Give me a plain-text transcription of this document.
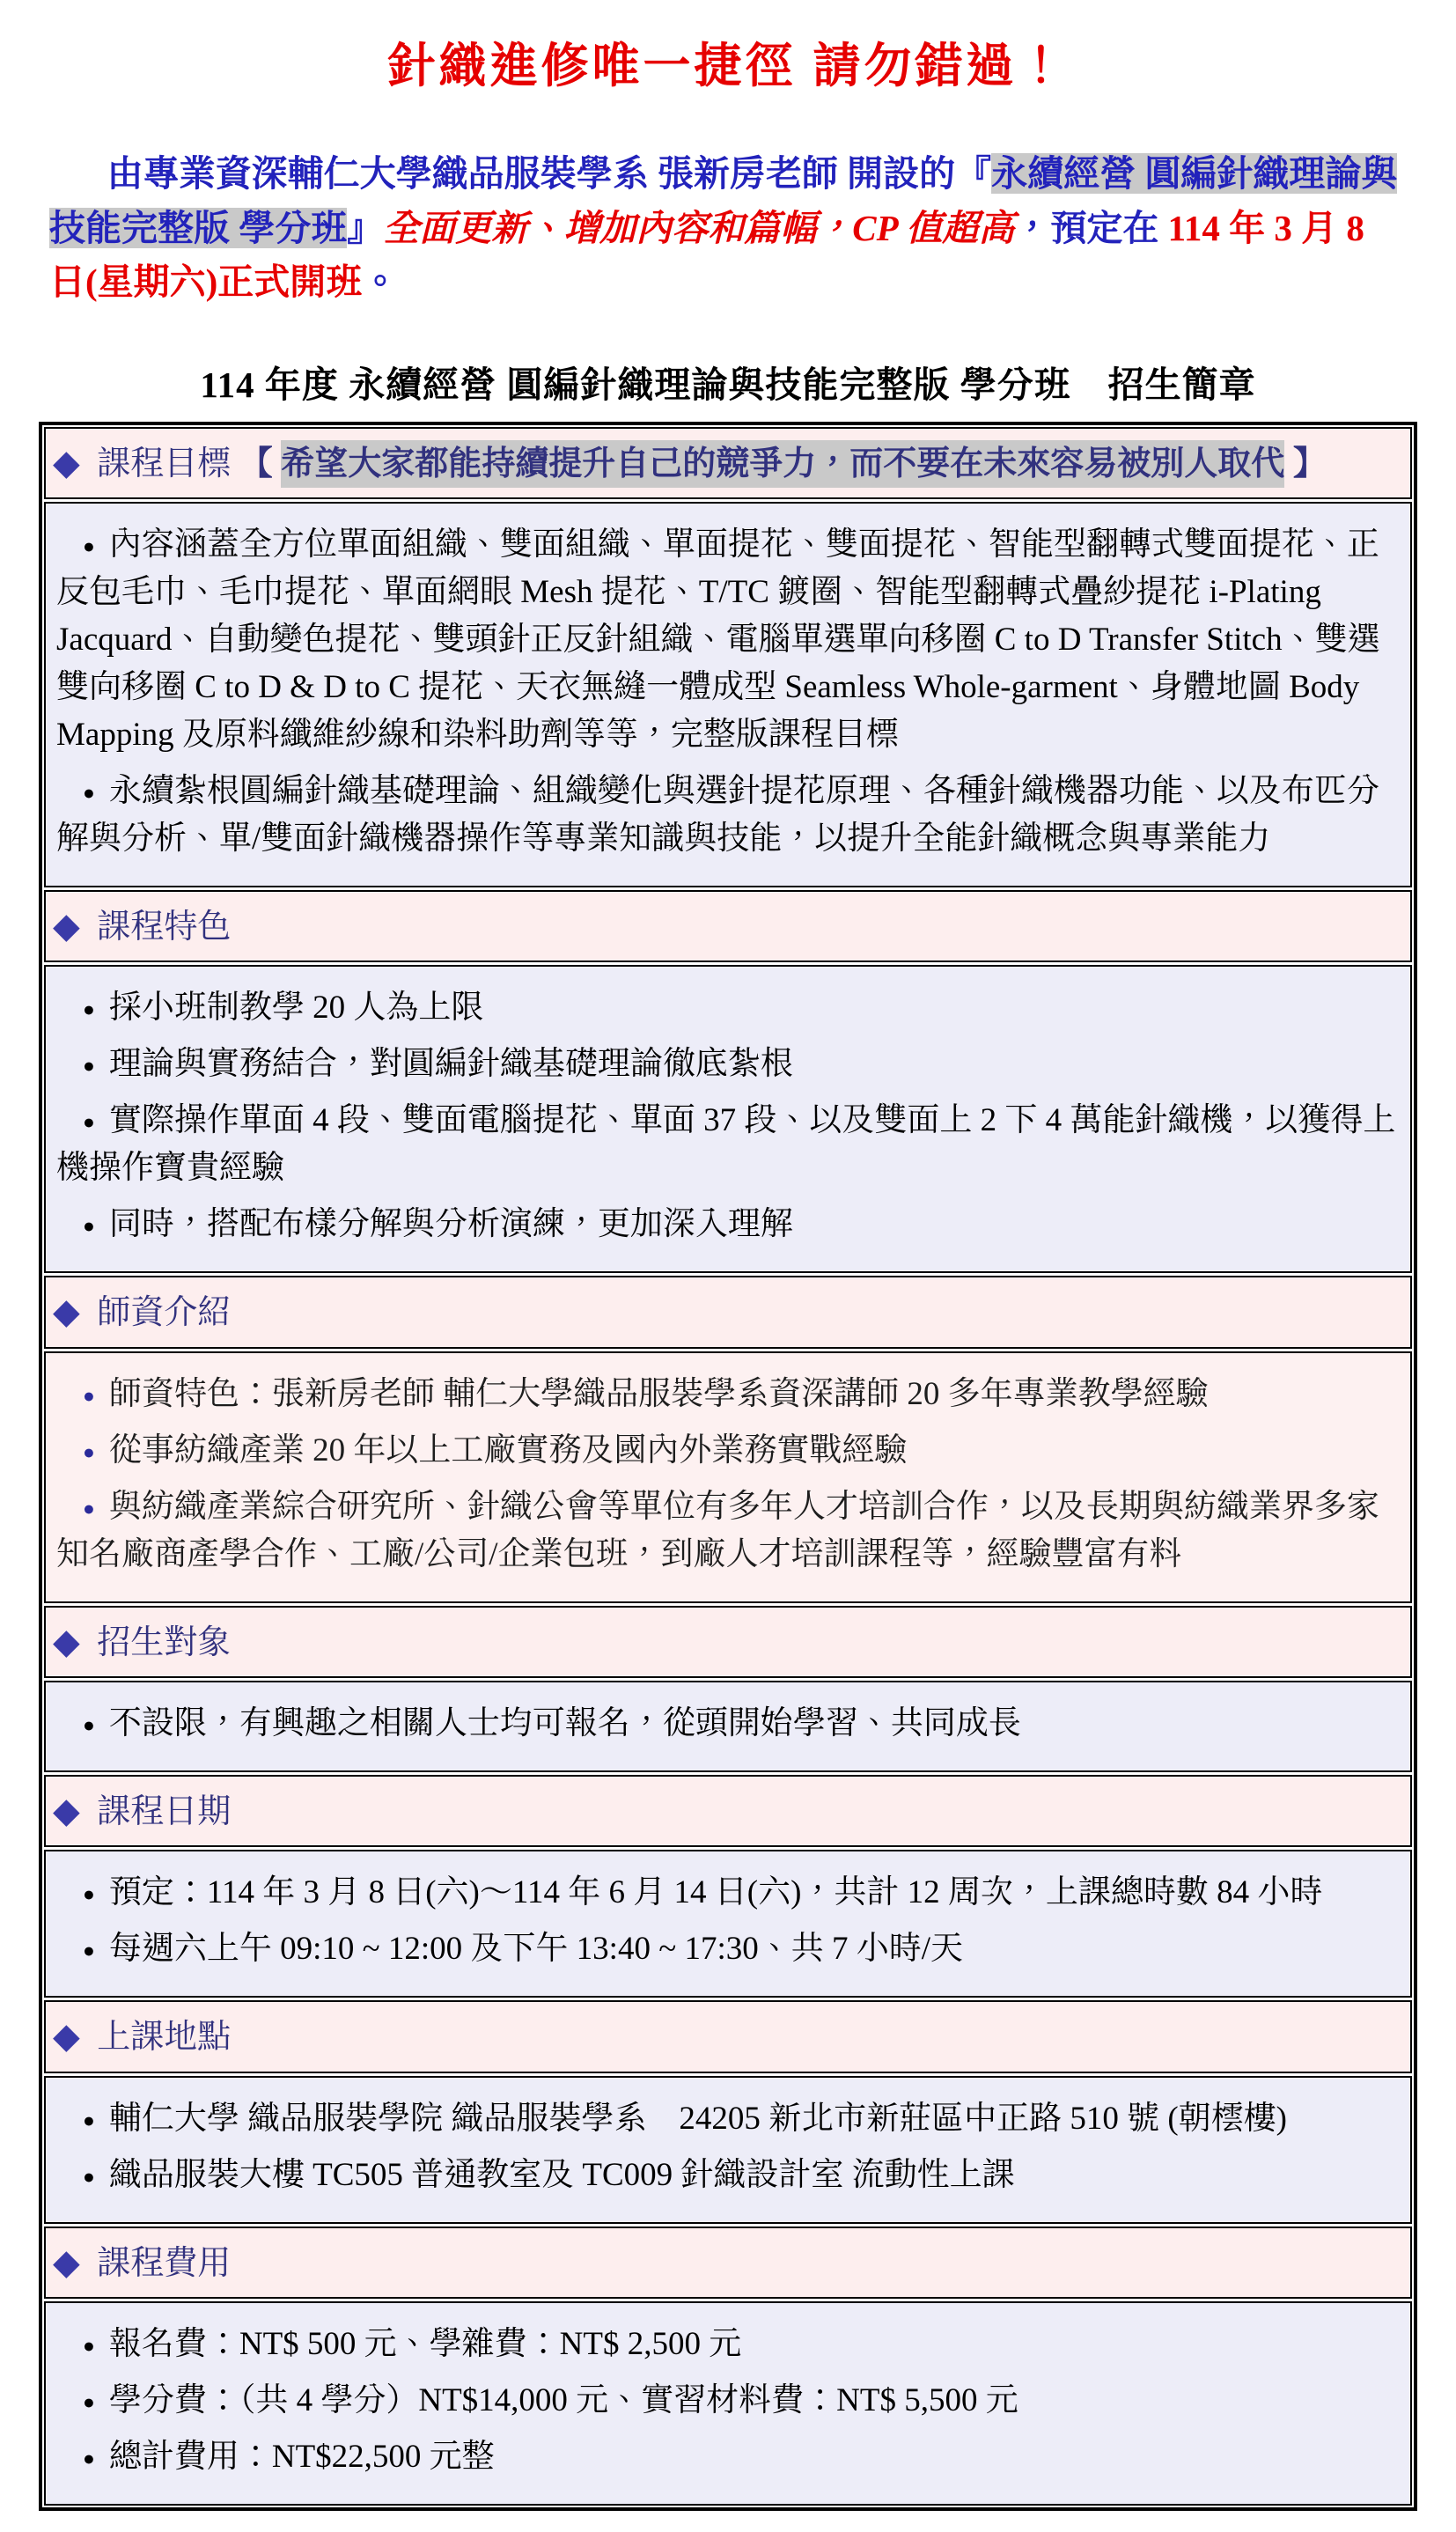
針織進修唯一捷徑 請勿錯過！

由專業資深輔仁大學織品服裝學系 張新房老師 開設的『永續經營 圓編針織理論與技能完整版 學分班』全面更新、增加內容和篇幅，CP 值超高，預定在 114 年 3 月 8 日(星期六)正式開班。

114 年度 永續經營 圓編針織理論與技能完整版 學分班　招生簡章
◆ 課程目標 【 希望大家都能持續提升自己的競爭力，而不要在未來容易被別人取代 】

● 內容涵蓋全方位單面組織、雙面組織、單面提花、雙面提花、智能型翻轉式雙面提花、正反包毛巾、毛巾提花、單面網眼 Mesh 提花、T/TC 鍍圈、智能型翻轉式疊紗提花 i-Plating Jacquard、自動變色提花、雙頭針正反針組織、電腦單選單向移圈 C to D Transfer Stitch、雙選雙向移圈 C to D & D to C 提花、天衣無縫一體成型 Seamless Whole-garment、身體地圖 Body Mapping 及原料纖維紗線和染料助劑等等，完整版課程目標

● 永續紮根圓編針織基礎理論、組織變化與選針提花原理、各種針織機器功能、以及布匹分解與分析、單/雙面針織機器操作等專業知識與技能，以提升全能針織概念與專業能力

◆ 課程特色

● 採小班制教學 20 人為上限

● 理論與實務結合，對圓編針織基礎理論徹底紮根

● 實際操作單面 4 段、雙面電腦提花、單面 37 段、以及雙面上 2 下 4 萬能針織機，以獲得上機操作寶貴經驗

● 同時，搭配布樣分解與分析演練，更加深入理解

◆ 師資介紹

● 師資特色：張新房老師 輔仁大學織品服裝學系資深講師 20 多年專業教學經驗

● 從事紡織產業 20 年以上工廠實務及國內外業務實戰經驗

● 與紡織產業綜合研究所、針織公會等單位有多年人才培訓合作，以及長期與紡織業界多家知名廠商產學合作、工廠/公司/企業包班，到廠人才培訓課程等，經驗豐富有料

◆ 招生對象

● 不設限，有興趣之相關人士均可報名，從頭開始學習、共同成長

◆ 課程日期

● 預定：114 年 3 月 8 日(六)～114 年 6 月 14 日(六)，共計 12 周次，上課總時數 84 小時

● 每週六上午 09:10 ~ 12:00 及下午 13:40 ~ 17:30、共 7 小時/天

◆ 上課地點

● 輔仁大學 織品服裝學院 織品服裝學系　24205 新北市新莊區中正路 510 號 (朝橒樓)

● 織品服裝大樓 TC505 普通教室及 TC009 針織設計室 流動性上課

◆ 課程費用

● 報名費：NT$ 500 元、學雜費：NT$ 2,500 元

● 學分費：（共 4 學分）NT$14,000 元、實習材料費：NT$ 5,500 元

● 總計費用：NT$22,500 元整
